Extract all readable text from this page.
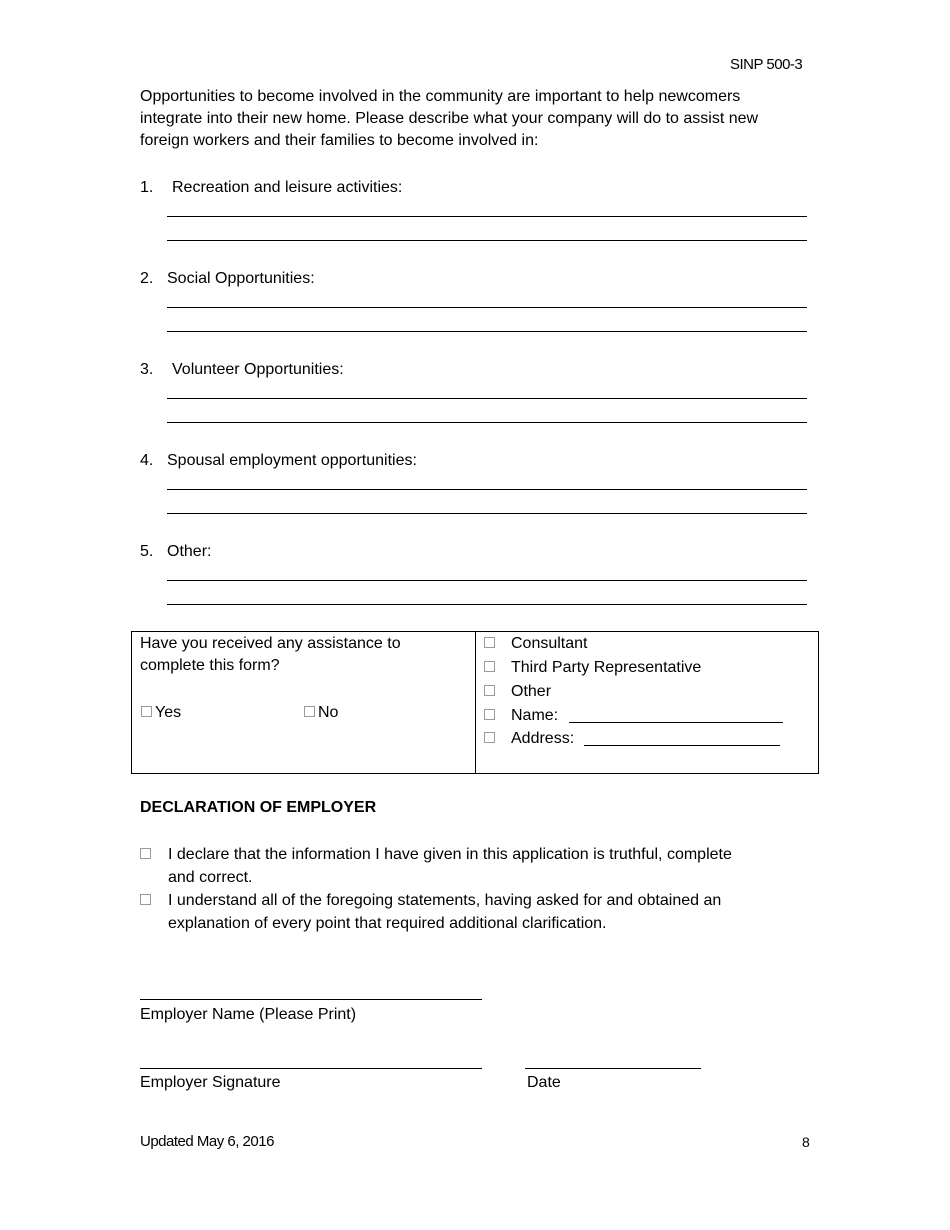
SINP 500-3
Opportunities to become involved in the community are important to help newcomers
integrate into their new home. Please describe what your company will do to assist new
foreign workers and their families to become involved in:
1. Recreation and leisure activities:
2. Social Opportunities:
3. Volunteer Opportunities:
4. Spousal employment opportunities:
5. Other:
Have you received any assistance to
complete this form?
Yes	No
Consultant
Third Party Representative
Other
Name:
Address:
DECLARATION OF EMPLOYER
I declare that the information I have given in this application is truthful, complete
and correct.
I understand all of the foregoing statements, having asked for and obtained an
explanation of every point that required additional clarification.
Employer Name (Please Print)
Employer Signature	Date
Updated May 6, 2016	8
